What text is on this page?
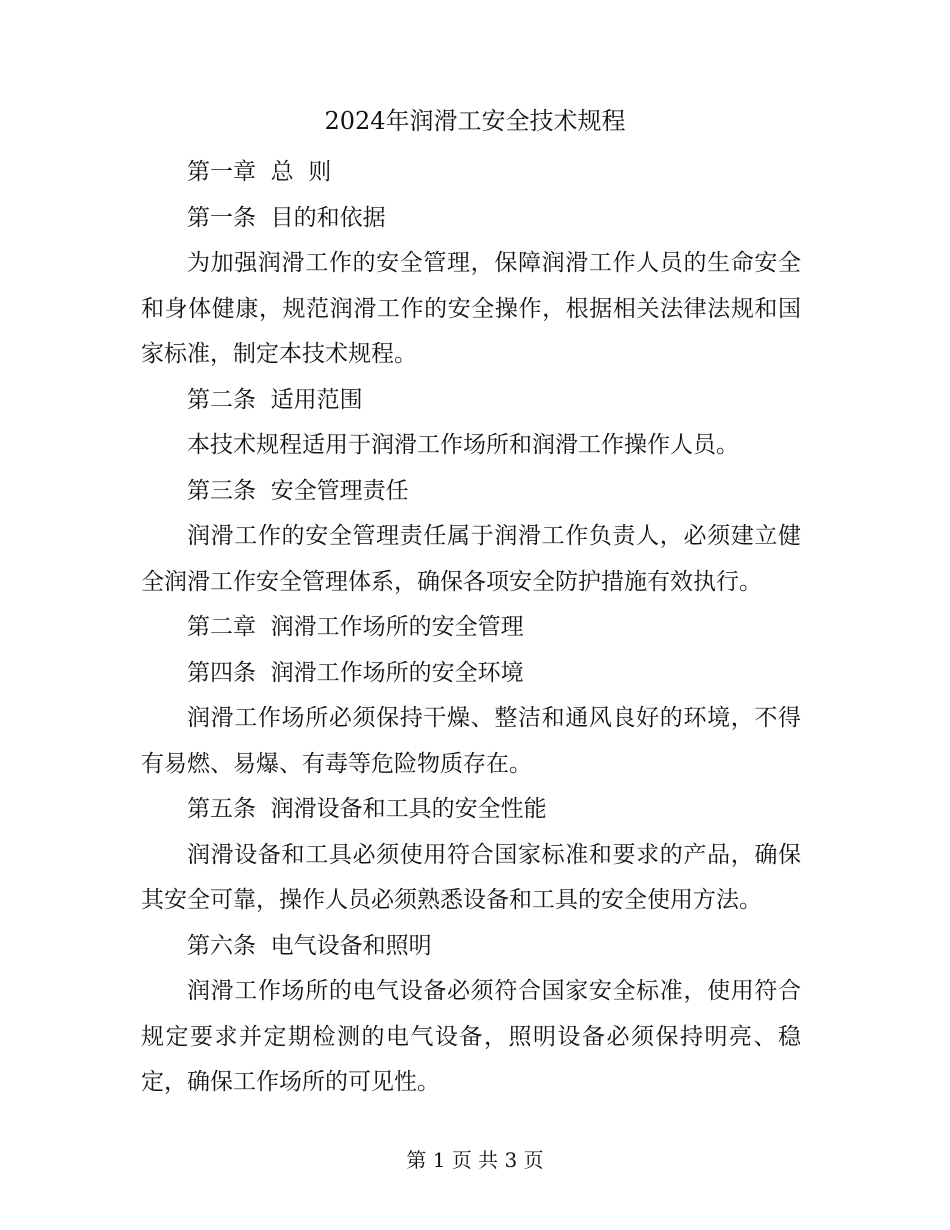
2024年润滑工安全技术规程

第一章  总  则

第一条  目的和依据

为加强润滑工作的安全管理，保障润滑工作人员的生命安全和身体健康，规范润滑工作的安全操作，根据相关法律法规和国家标准，制定本技术规程。

第二条  适用范围

本技术规程适用于润滑工作场所和润滑工作操作人员。

第三条  安全管理责任

润滑工作的安全管理责任属于润滑工作负责人，必须建立健全润滑工作安全管理体系，确保各项安全防护措施有效执行。

第二章  润滑工作场所的安全管理

第四条  润滑工作场所的安全环境

润滑工作场所必须保持干燥、整洁和通风良好的环境，不得有易燃、易爆、有毒等危险物质存在。

第五条  润滑设备和工具的安全性能

润滑设备和工具必须使用符合国家标准和要求的产品，确保其安全可靠，操作人员必须熟悉设备和工具的安全使用方法。

第六条  电气设备和照明

润滑工作场所的电气设备必须符合国家安全标准，使用符合规定要求并定期检测的电气设备，照明设备必须保持明亮、稳定，确保工作场所的可见性。

第 1 页 共 3 页
